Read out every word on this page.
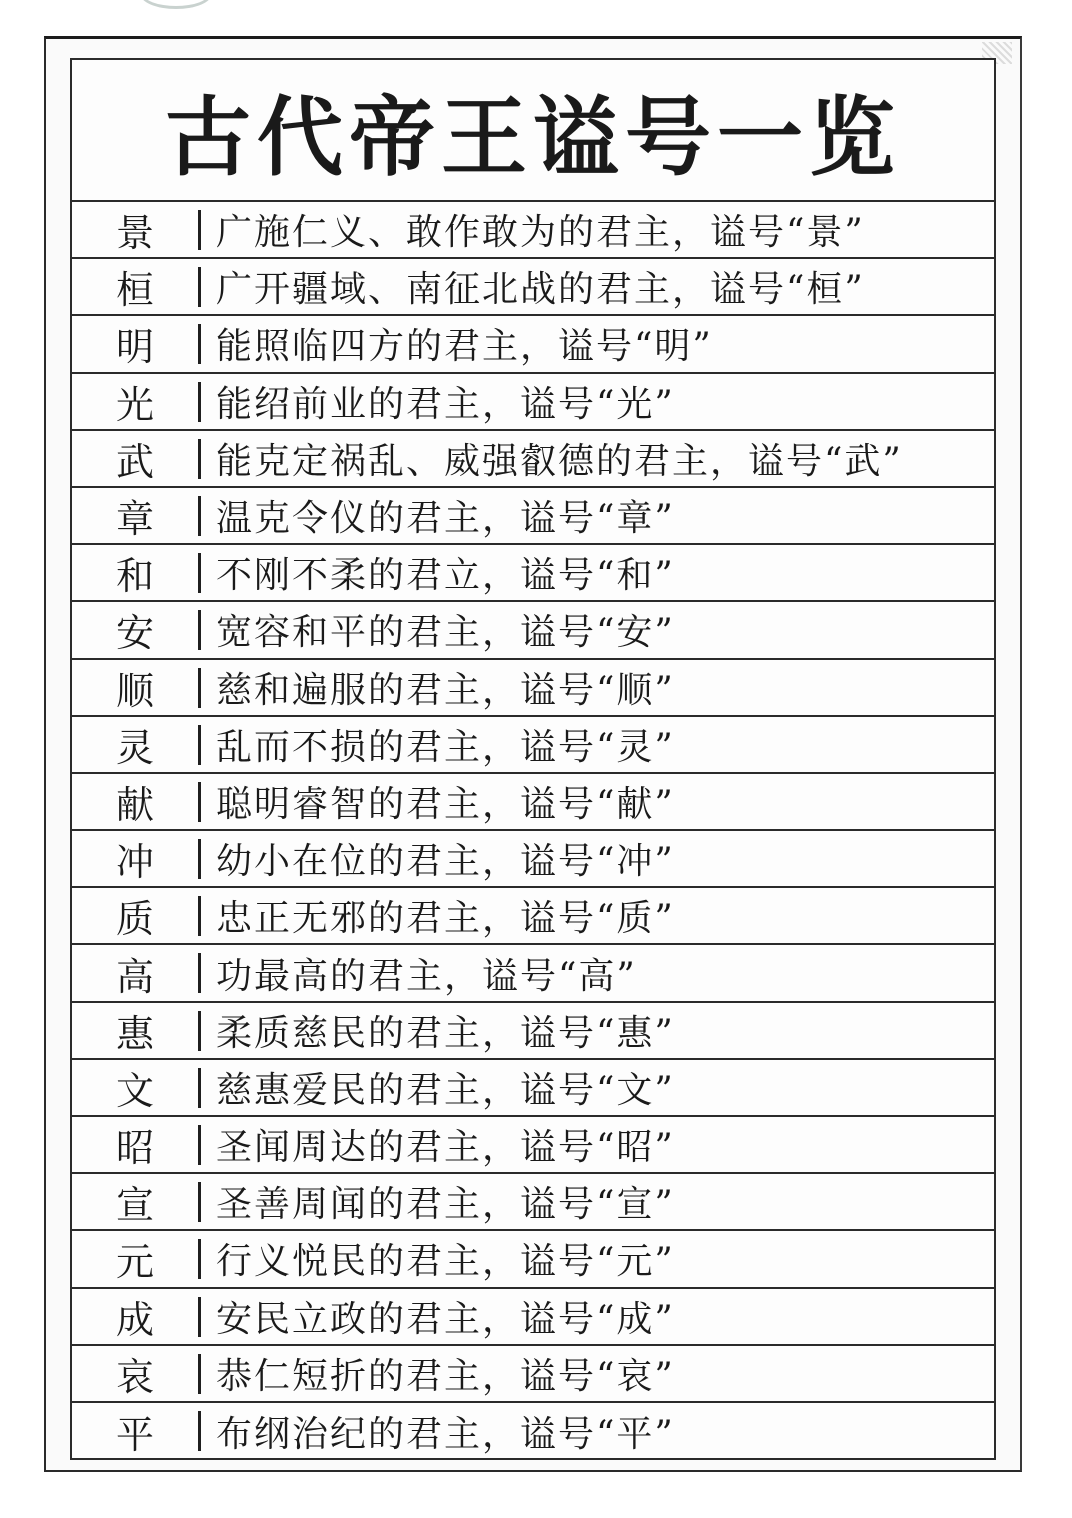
古代帝王谥号一览
景	广施仁义、敢作敢为的君主，谥号“景”
桓	广开疆域、南征北战的君主，谥号“桓”
明	能照临四方的君主，谥号“明”
光	能绍前业的君主，谥号“光”
武	能克定祸乱、威强叡德的君主，谥号“武”
章	温克令仪的君主，谥号“章”
和	不刚不柔的君立，谥号“和”
安	宽容和平的君主，谥号“安”
顺	慈和遍服的君主，谥号“顺”
灵	乱而不损的君主，谥号“灵”
献	聪明睿智的君主，谥号“献”
冲	幼小在位的君主，谥号“冲”
质	忠正无邪的君主，谥号“质”
高	功最高的君主，谥号“高”
惠	柔质慈民的君主，谥号“惠”
文	慈惠爱民的君主，谥号“文”
昭	圣闻周达的君主，谥号“昭”
宣	圣善周闻的君主，谥号“宣”
元	行义悦民的君主，谥号“元”
成	安民立政的君主，谥号“成”
哀	恭仁短折的君主，谥号“哀”
平	布纲治纪的君主，谥号“平”
